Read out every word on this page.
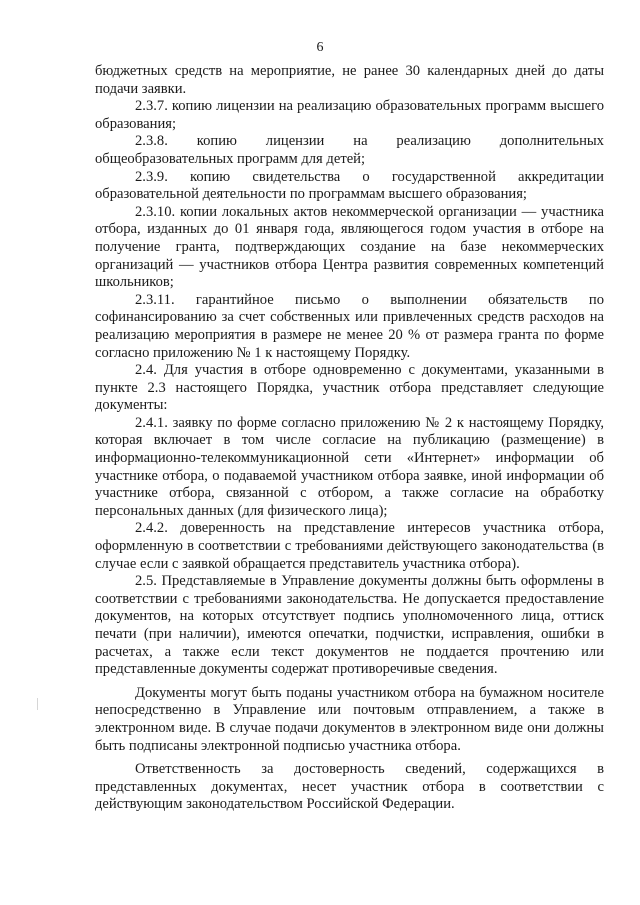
6

бюджетных средств на мероприятие, не ранее 30 календарных дней до даты подачи заявки.

2.3.7. копию лицензии на реализацию образовательных программ высшего образования;

2.3.8. копию лицензии на реализацию дополнительных общеобразовательных программ для детей;

2.3.9. копию свидетельства о государственной аккредитации образовательной деятельности по программам высшего образования;

2.3.10. копии локальных актов некоммерческой организации — участника отбора, изданных до 01 января года, являющегося годом участия в отборе на получение гранта, подтверждающих создание на базе некоммерческих организаций — участников отбора Центра развития современных компетенций школьников;

2.3.11. гарантийное письмо о выполнении обязательств по софинансированию за счет собственных или привлеченных средств расходов на реализацию мероприятия в размере не менее 20 % от размера гранта по форме согласно приложению № 1 к настоящему Порядку.

2.4. Для участия в отборе одновременно с документами, указанными в пункте 2.3 настоящего Порядка, участник отбора представляет следующие документы:

2.4.1. заявку по форме согласно приложению № 2 к настоящему Порядку, которая включает в том числе согласие на публикацию (размещение) в информационно-телекоммуникационной сети «Интернет» информации об участнике отбора, о подаваемой участником отбора заявке, иной информации об участнике отбора, связанной с отбором, а также согласие на обработку персональных данных (для физического лица);

2.4.2. доверенность на представление интересов участника отбора, оформленную в соответствии с требованиями действующего законодательства (в случае если с заявкой обращается представитель участника отбора).

2.5. Представляемые в Управление документы должны быть оформлены в соответствии с требованиями законодательства. Не допускается предоставление документов, на которых отсутствует подпись уполномоченного лица, оттиск печати (при наличии), имеются опечатки, подчистки, исправления, ошибки в расчетах, а также если текст документов не поддается прочтению или представленные документы содержат противоречивые сведения.

Документы могут быть поданы участником отбора на бумажном носителе непосредственно в Управление или почтовым отправлением, а также в электронном виде. В случае подачи документов в электронном виде они должны быть подписаны электронной подписью участника отбора.

Ответственность за достоверность сведений, содержащихся в представленных документах, несет участник отбора в соответствии с действующим законодательством Российской Федерации.
